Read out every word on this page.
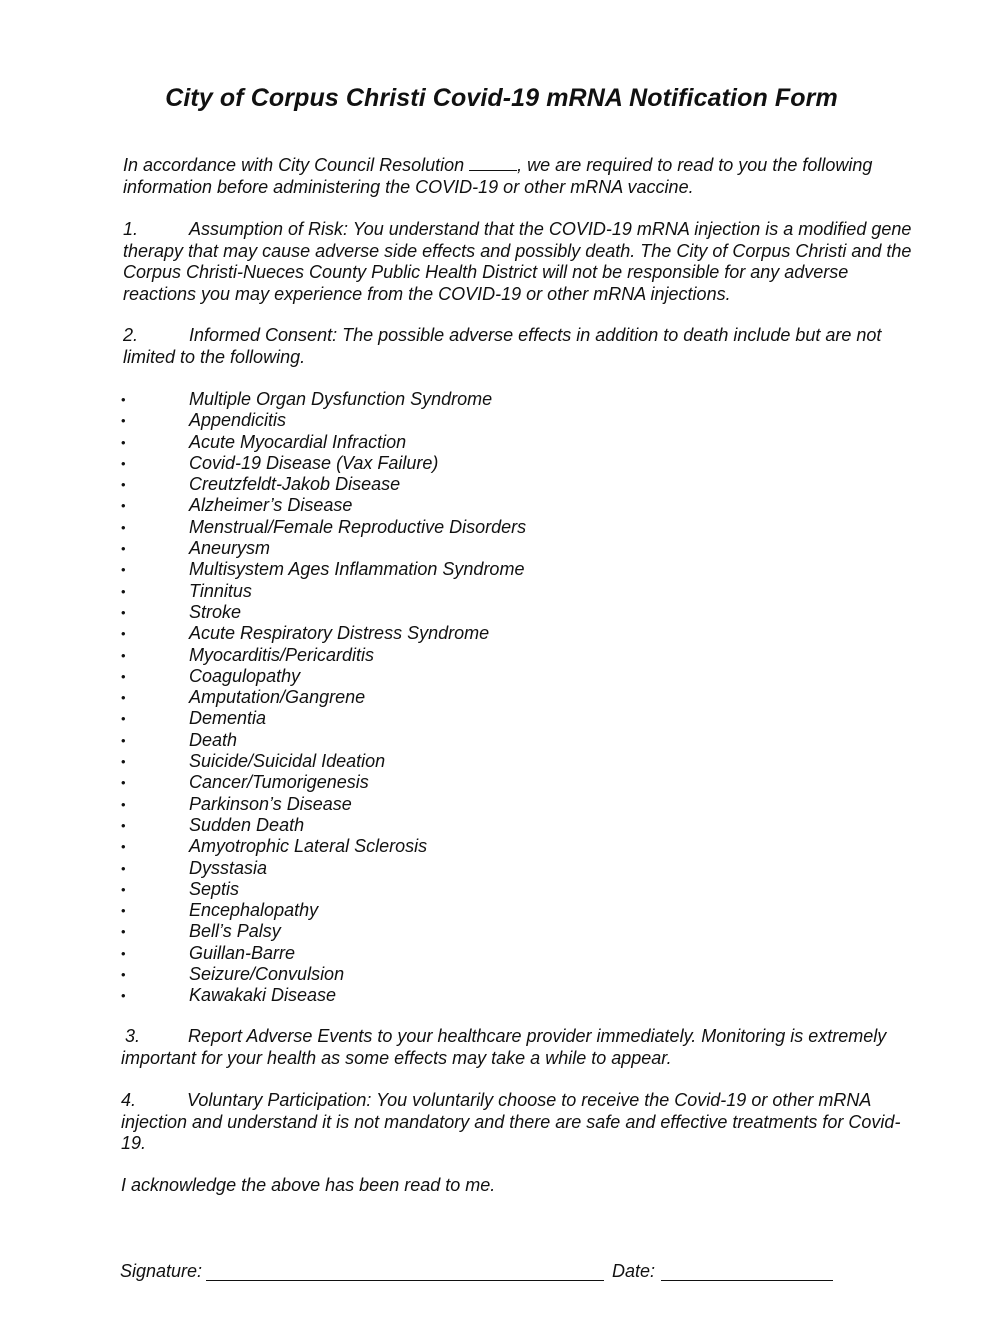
City of Corpus Christi Covid-19 mRNA Notification Form

In accordance with City Council Resolution	, we are required to read to you the following information before administering the COVID-19 or other mRNA vaccine.

1.	Assumption of Risk: You understand that the COVID-19 mRNA injection is a modified gene therapy that may cause adverse side effects and possibly death. The City of Corpus Christi and the Corpus Christi-Nueces County Public Health District will not be responsible for any adverse reactions you may experience from the COVID-19 or other mRNA injections.

2.	Informed Consent: The possible adverse effects in addition to death include but are not limited to the following.

•	Multiple Organ Dysfunction Syndrome
•	Appendicitis
•	Acute Myocardial Infraction
•	Covid-19 Disease (Vax Failure)
•	Creutzfeldt-Jakob Disease
•	Alzheimer’s Disease
•	Menstrual/Female Reproductive Disorders
•	Aneurysm
•	Multisystem Ages Inflammation Syndrome
•	Tinnitus
•	Stroke
•	Acute Respiratory Distress Syndrome
•	Myocarditis/Pericarditis
•	Coagulopathy
•	Amputation/Gangrene
•	Dementia
•	Death
•	Suicide/Suicidal Ideation
•	Cancer/Tumorigenesis
•	Parkinson’s Disease
•	Sudden Death
•	Amyotrophic Lateral Sclerosis
•	Dysstasia
•	Septis
•	Encephalopathy
•	Bell’s Palsy
•	Guillan-Barre
•	Seizure/Convulsion
•	Kawakaki Disease

3.	Report Adverse Events to your healthcare provider immediately. Monitoring is extremely important for your health as some effects may take a while to appear.

4.	Voluntary Participation: You voluntarily choose to receive the Covid-19 or other mRNA injection and understand it is not mandatory and there are safe and effective treatments for Covid-19.

I acknowledge the above has been read to me.

Signature:	Date:
